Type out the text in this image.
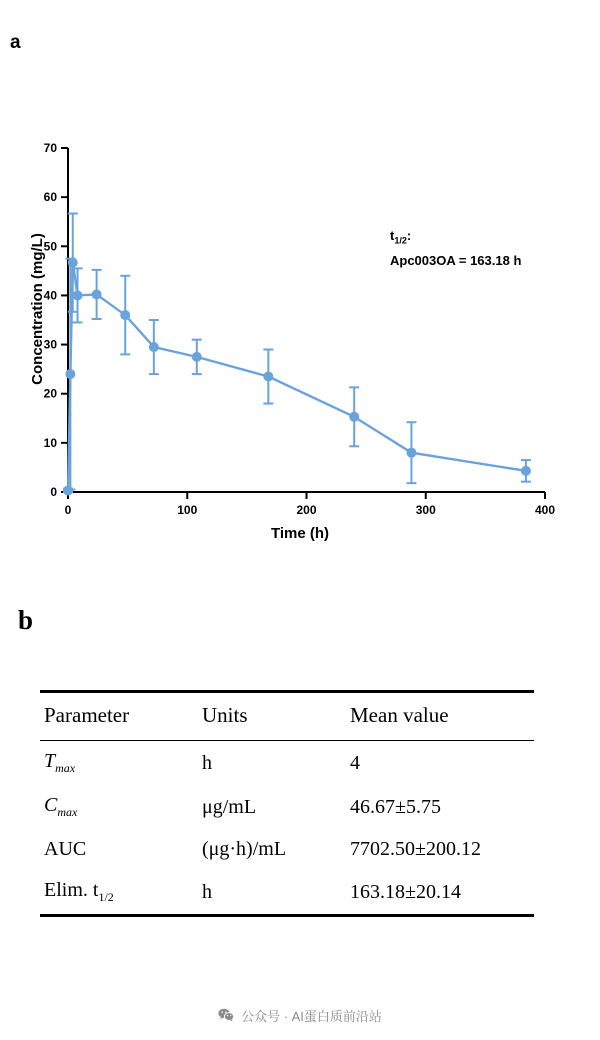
a
b
0
10
20
30
40
50
60
70
0	100	200	300	400
Concentration (mg/L)
Time (h)
$t_{1/2}$:
Apc003OA = 163.18 h
Parameter	Units	Mean value
$T_{max}$	h	4
$C_{max}$	μg/mL	46.67±5.75
AUC	(μg·h)/mL	7702.50±200.12
Elim. $t_{1/2}$	h	163.18±20.14

公众号 · AI蛋白质前沿站
